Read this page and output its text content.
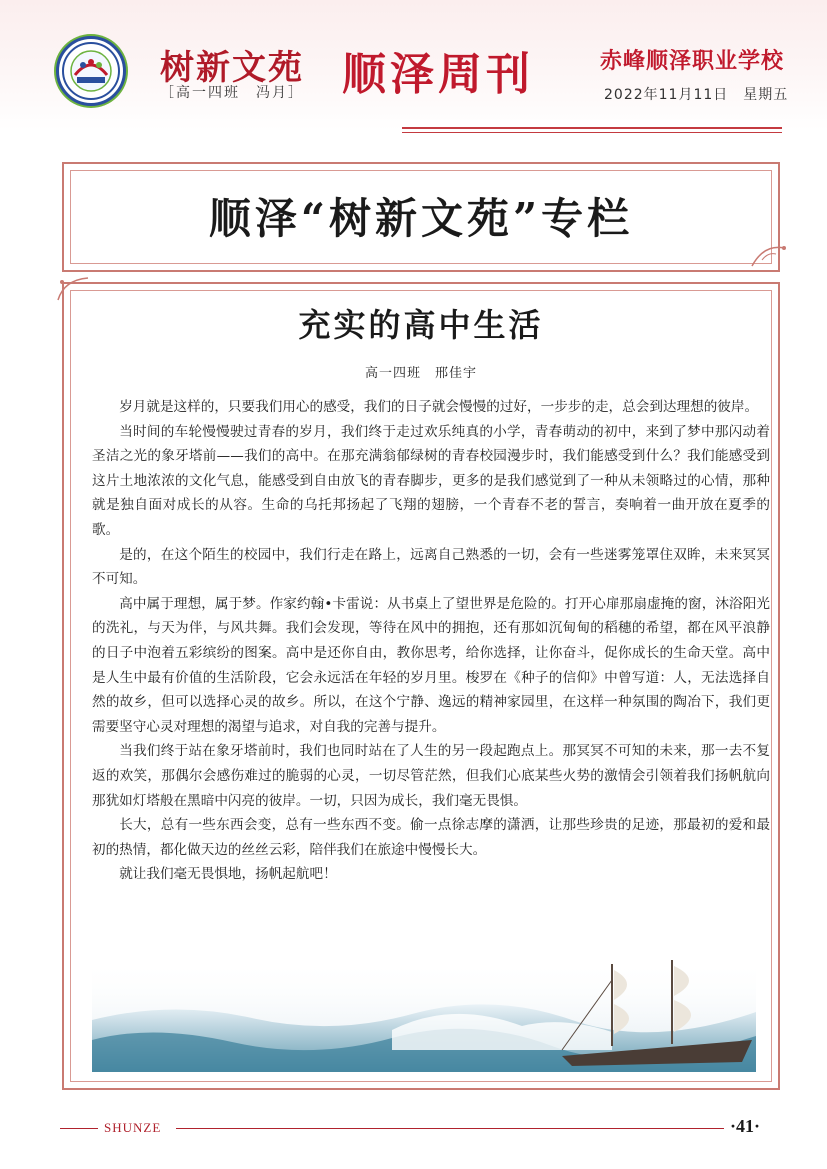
树新文苑
［高一四班　冯月］ 顺泽周刊	赤峰顺泽职业学校
2022年11月11日　星期五
顺泽“树新文苑”专栏
充实的高中生活
高一四班　邢佳宇

岁月就是这样的，只要我们用心的感受，我们的日子就会慢慢的过好，一步步的走，总会到达理想的彼岸。

当时间的车轮慢慢驶过青春的岁月，我们终于走过欢乐纯真的小学，青春萌动的初中，来到了梦中那闪动着圣洁之光的象牙塔前——我们的高中。在那充满翁郁绿树的青春校园漫步时，我们能感受到什么？我们能感受到这片土地浓浓的文化气息，能感受到自由放飞的青春脚步，更多的是我们感觉到了一种从未领略过的心情，那种就是独自面对成长的从容。生命的乌托邦扬起了飞翔的翅膀，一个青春不老的誓言，奏响着一曲开放在夏季的歌。

是的，在这个陌生的校园中，我们行走在路上，远离自己熟悉的一切，会有一些迷雾笼罩住双眸，未来冥冥不可知。

高中属于理想，属于梦。作家约翰•卡雷说：从书桌上了望世界是危险的。打开心扉那扇虚掩的窗，沐浴阳光的洗礼，与天为伴，与风共舞。我们会发现，等待在风中的拥抱，还有那如沉甸甸的稻穗的希望，都在风平浪静的日子中泡着五彩缤纷的图案。高中是还你自由，教你思考，给你选择，让你奋斗，促你成长的生命天堂。高中是人生中最有价值的生活阶段，它会永远活在年轻的岁月里。梭罗在《种子的信仰》中曾写道：人，无法选择自然的故乡，但可以选择心灵的故乡。所以，在这个宁静、逸远的精神家园里，在这样一种氛围的陶冶下，我们更需要坚守心灵对理想的渴望与追求，对自我的完善与提升。

当我们终于站在象牙塔前时，我们也同时站在了人生的另一段起跑点上。那冥冥不可知的未来，那一去不复返的欢笑，那偶尔会感伤难过的脆弱的心灵，一切尽管茫然，但我们心底某些火势的激情会引领着我们扬帆航向那犹如灯塔般在黑暗中闪亮的彼岸。一切，只因为成长，我们毫无畏惧。

长大，总有一些东西会变，总有一些东西不变。偷一点徐志摩的潇洒，让那些珍贵的足迹，那最初的爱和最初的热情，都化做天边的丝丝云彩，陪伴我们在旅途中慢慢长大。

就让我们毫无畏惧地，扬帆起航吧！

SHUNZE	·41·
